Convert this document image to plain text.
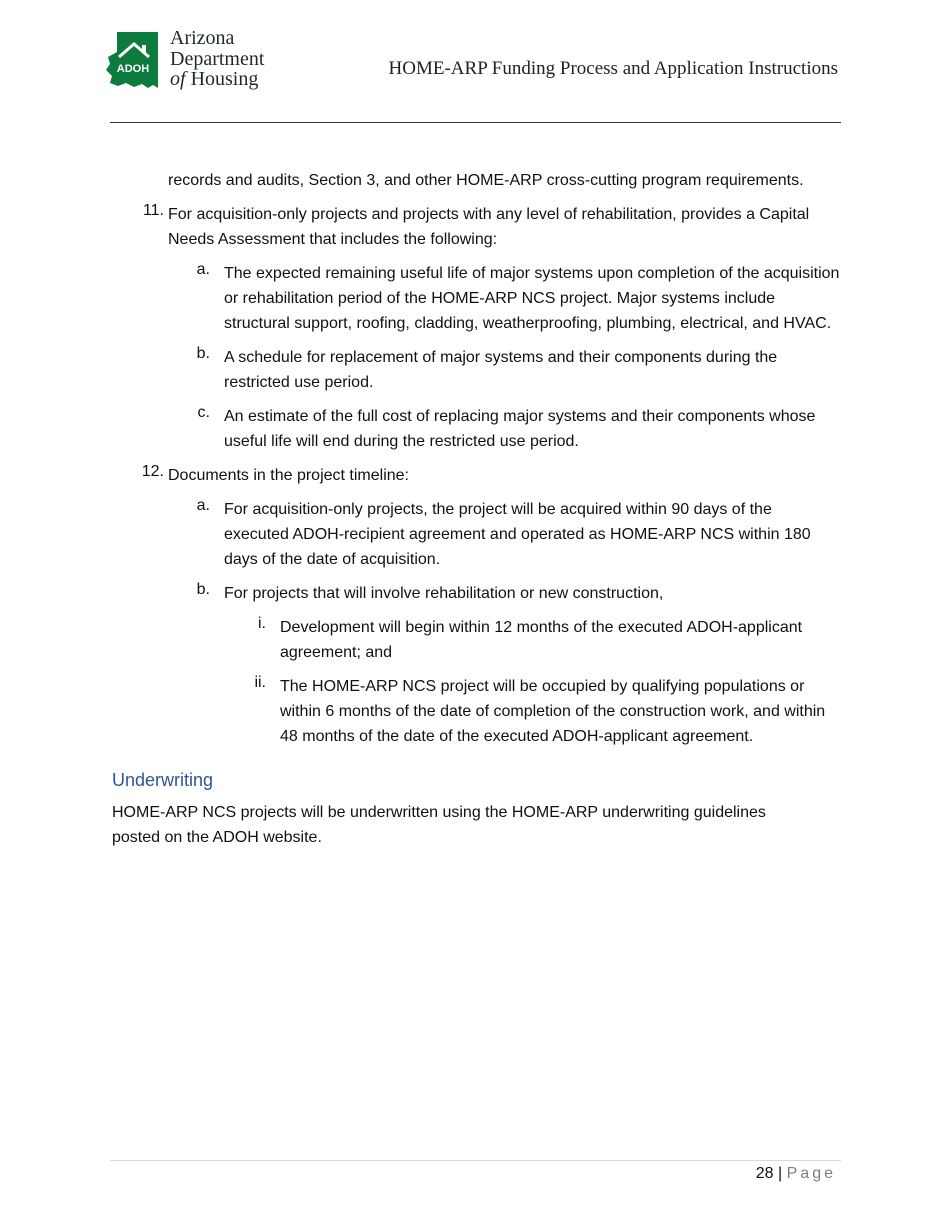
ADOH
Arizona
Department
of Housing	HOME-ARP Funding Process and Application Instructions

records and audits, Section 3, and other HOME-ARP cross-cutting program requirements.

11. For acquisition-only projects and projects with any level of rehabilitation, provides a Capital Needs Assessment that includes the following:

a. The expected remaining useful life of major systems upon completion of the acquisition or rehabilitation period of the HOME-ARP NCS project. Major systems include structural support, roofing, cladding, weatherproofing, plumbing, electrical, and HVAC.

b. A schedule for replacement of major systems and their components during the restricted use period.

c. An estimate of the full cost of replacing major systems and their components whose useful life will end during the restricted use period.

12. Documents in the project timeline:

a. For acquisition-only projects, the project will be acquired within 90 days of the executed ADOH-recipient agreement and operated as HOME-ARP NCS within 180 days of the date of acquisition.

b. For projects that will involve rehabilitation or new construction,

i. Development will begin within 12 months of the executed ADOH-applicant agreement; and

ii. The HOME-ARP NCS project will be occupied by qualifying populations or within 6 months of the date of completion of the construction work, and within 48 months of the date of the executed ADOH-applicant agreement.

Underwriting

HOME-ARP NCS projects will be underwritten using the HOME-ARP underwriting guidelines posted on the ADOH website.

28 | Page
